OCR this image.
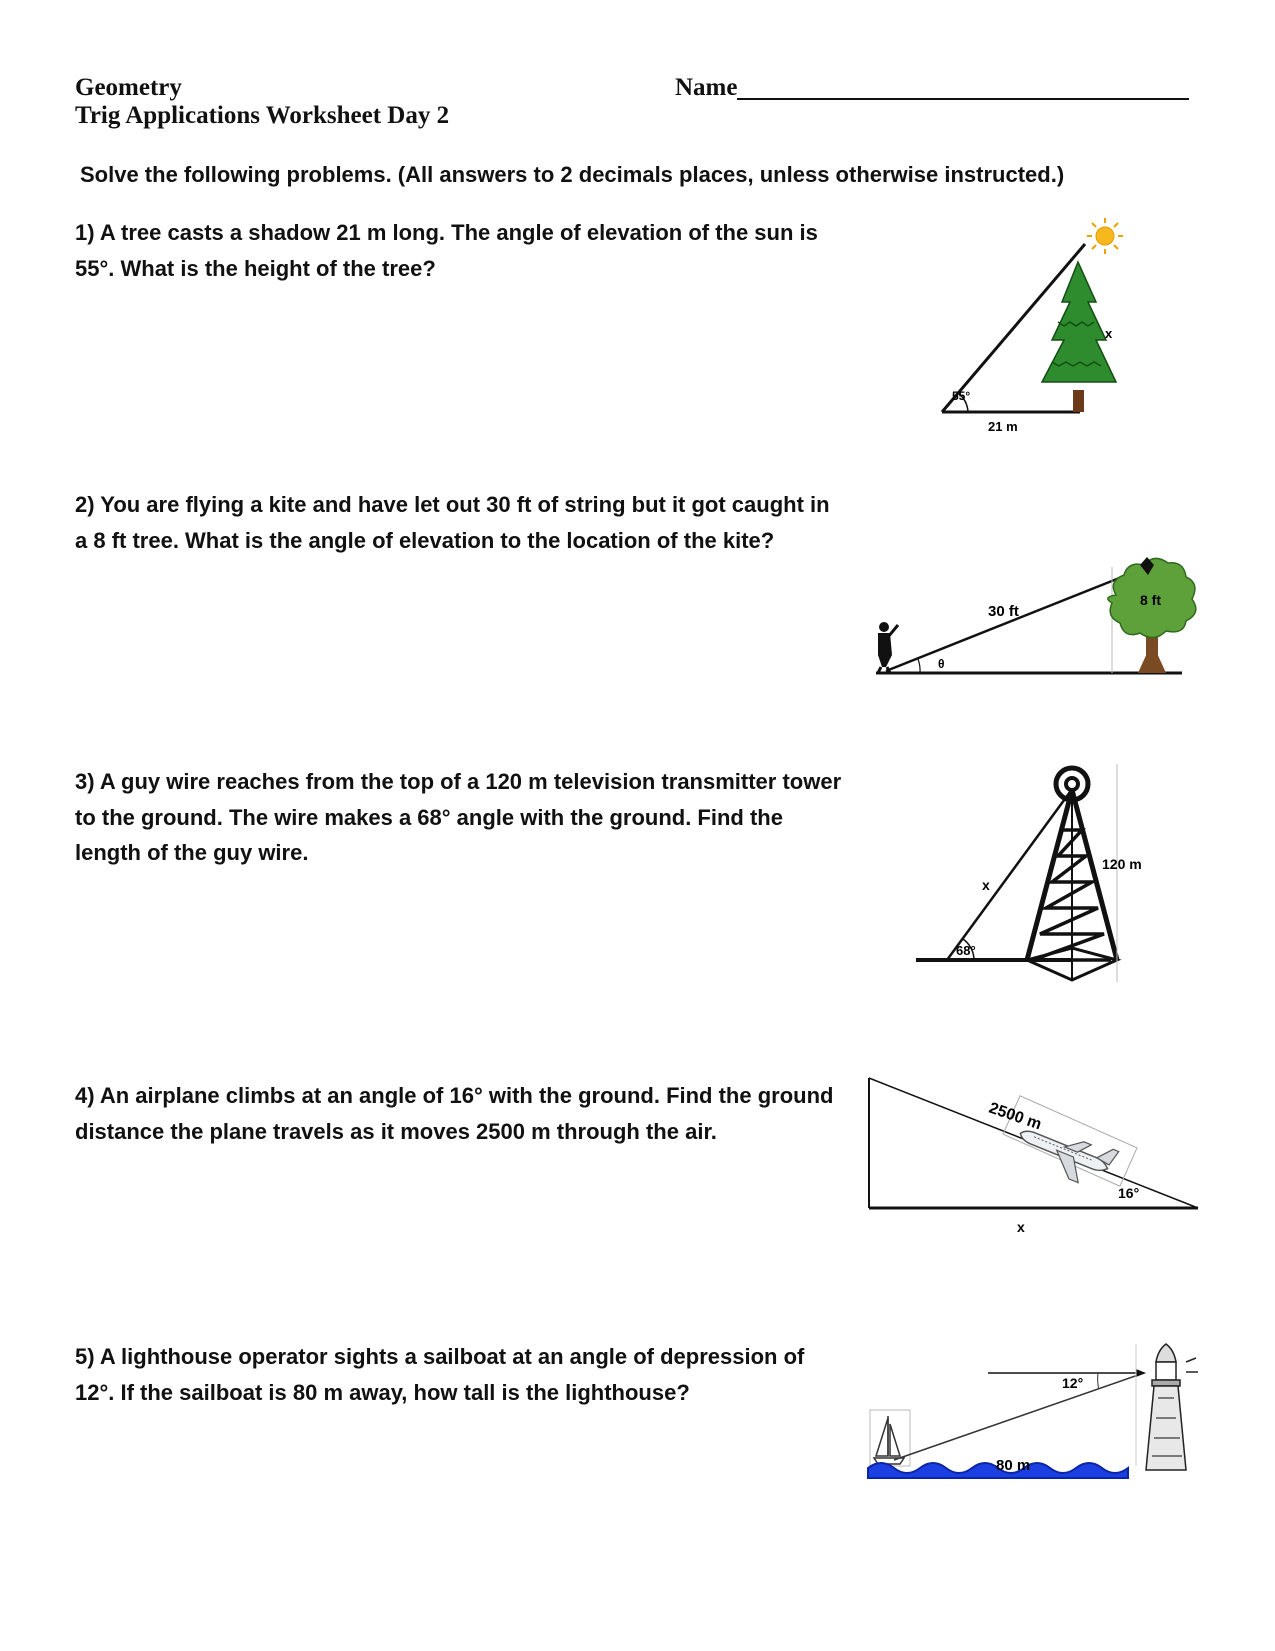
Geometry
Trig Applications Worksheet Day 2
Name
Solve the following problems. (All answers to 2 decimals places, unless otherwise instructed.)
1) A tree casts a shadow 21 m long. The angle of elevation of the sun is 55°. What is the height of the tree?
2) You are flying a kite and have let out 30 ft of string but it got caught in a 8 ft tree. What is the angle of elevation to the location of the kite?
3) A guy wire reaches from the top of a 120 m television transmitter tower to the ground. The wire makes a 68° angle with the ground. Find the length of the guy wire.
4) An airplane climbs at an angle of 16° with the ground. Find the ground distance the plane travels as it moves 2500 m through the air.
5) A lighthouse operator sights a sailboat at an angle of depression of 12°. If the sailboat is 80 m away, how tall is the lighthouse?
55°
21 m
x
30 ft
8 ft
θ
x
68°
120 m
2500 m
16°
x
12°
80 m
